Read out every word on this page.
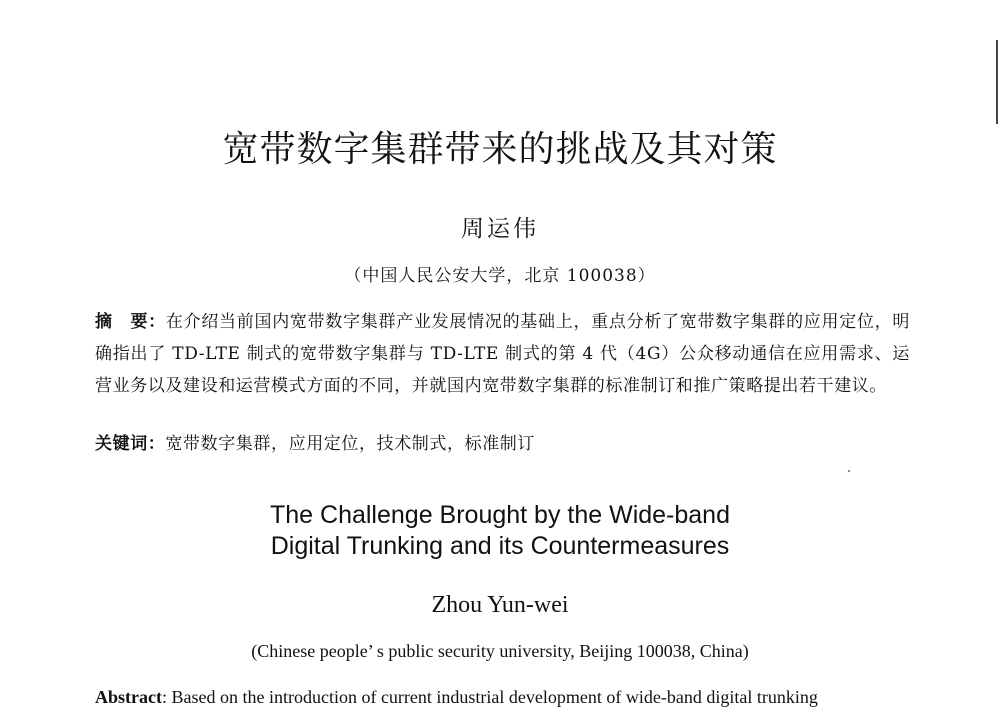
宽带数字集群带来的挑战及其对策
周运伟
（中国人民公安大学，北京 100038）
摘　要：在介绍当前国内宽带数字集群产业发展情况的基础上，重点分析了宽带数字集群的应用定位，明确指出了 TD-LTE 制式的宽带数字集群与 TD-LTE 制式的第 4 代（4G）公众移动通信在应用需求、运营业务以及建设和运营模式方面的不同，并就国内宽带数字集群的标准制订和推广策略提出若干建议。
关键词：宽带数字集群，应用定位，技术制式，标准制订
The Challenge Brought by the Wide-band
Digital Trunking and its Countermeasures
Zhou Yun-wei
(Chinese people’ s public security university, Beijing 100038, China)
Abstract: Based on the introduction of current industrial development of wide-band digital trunking
